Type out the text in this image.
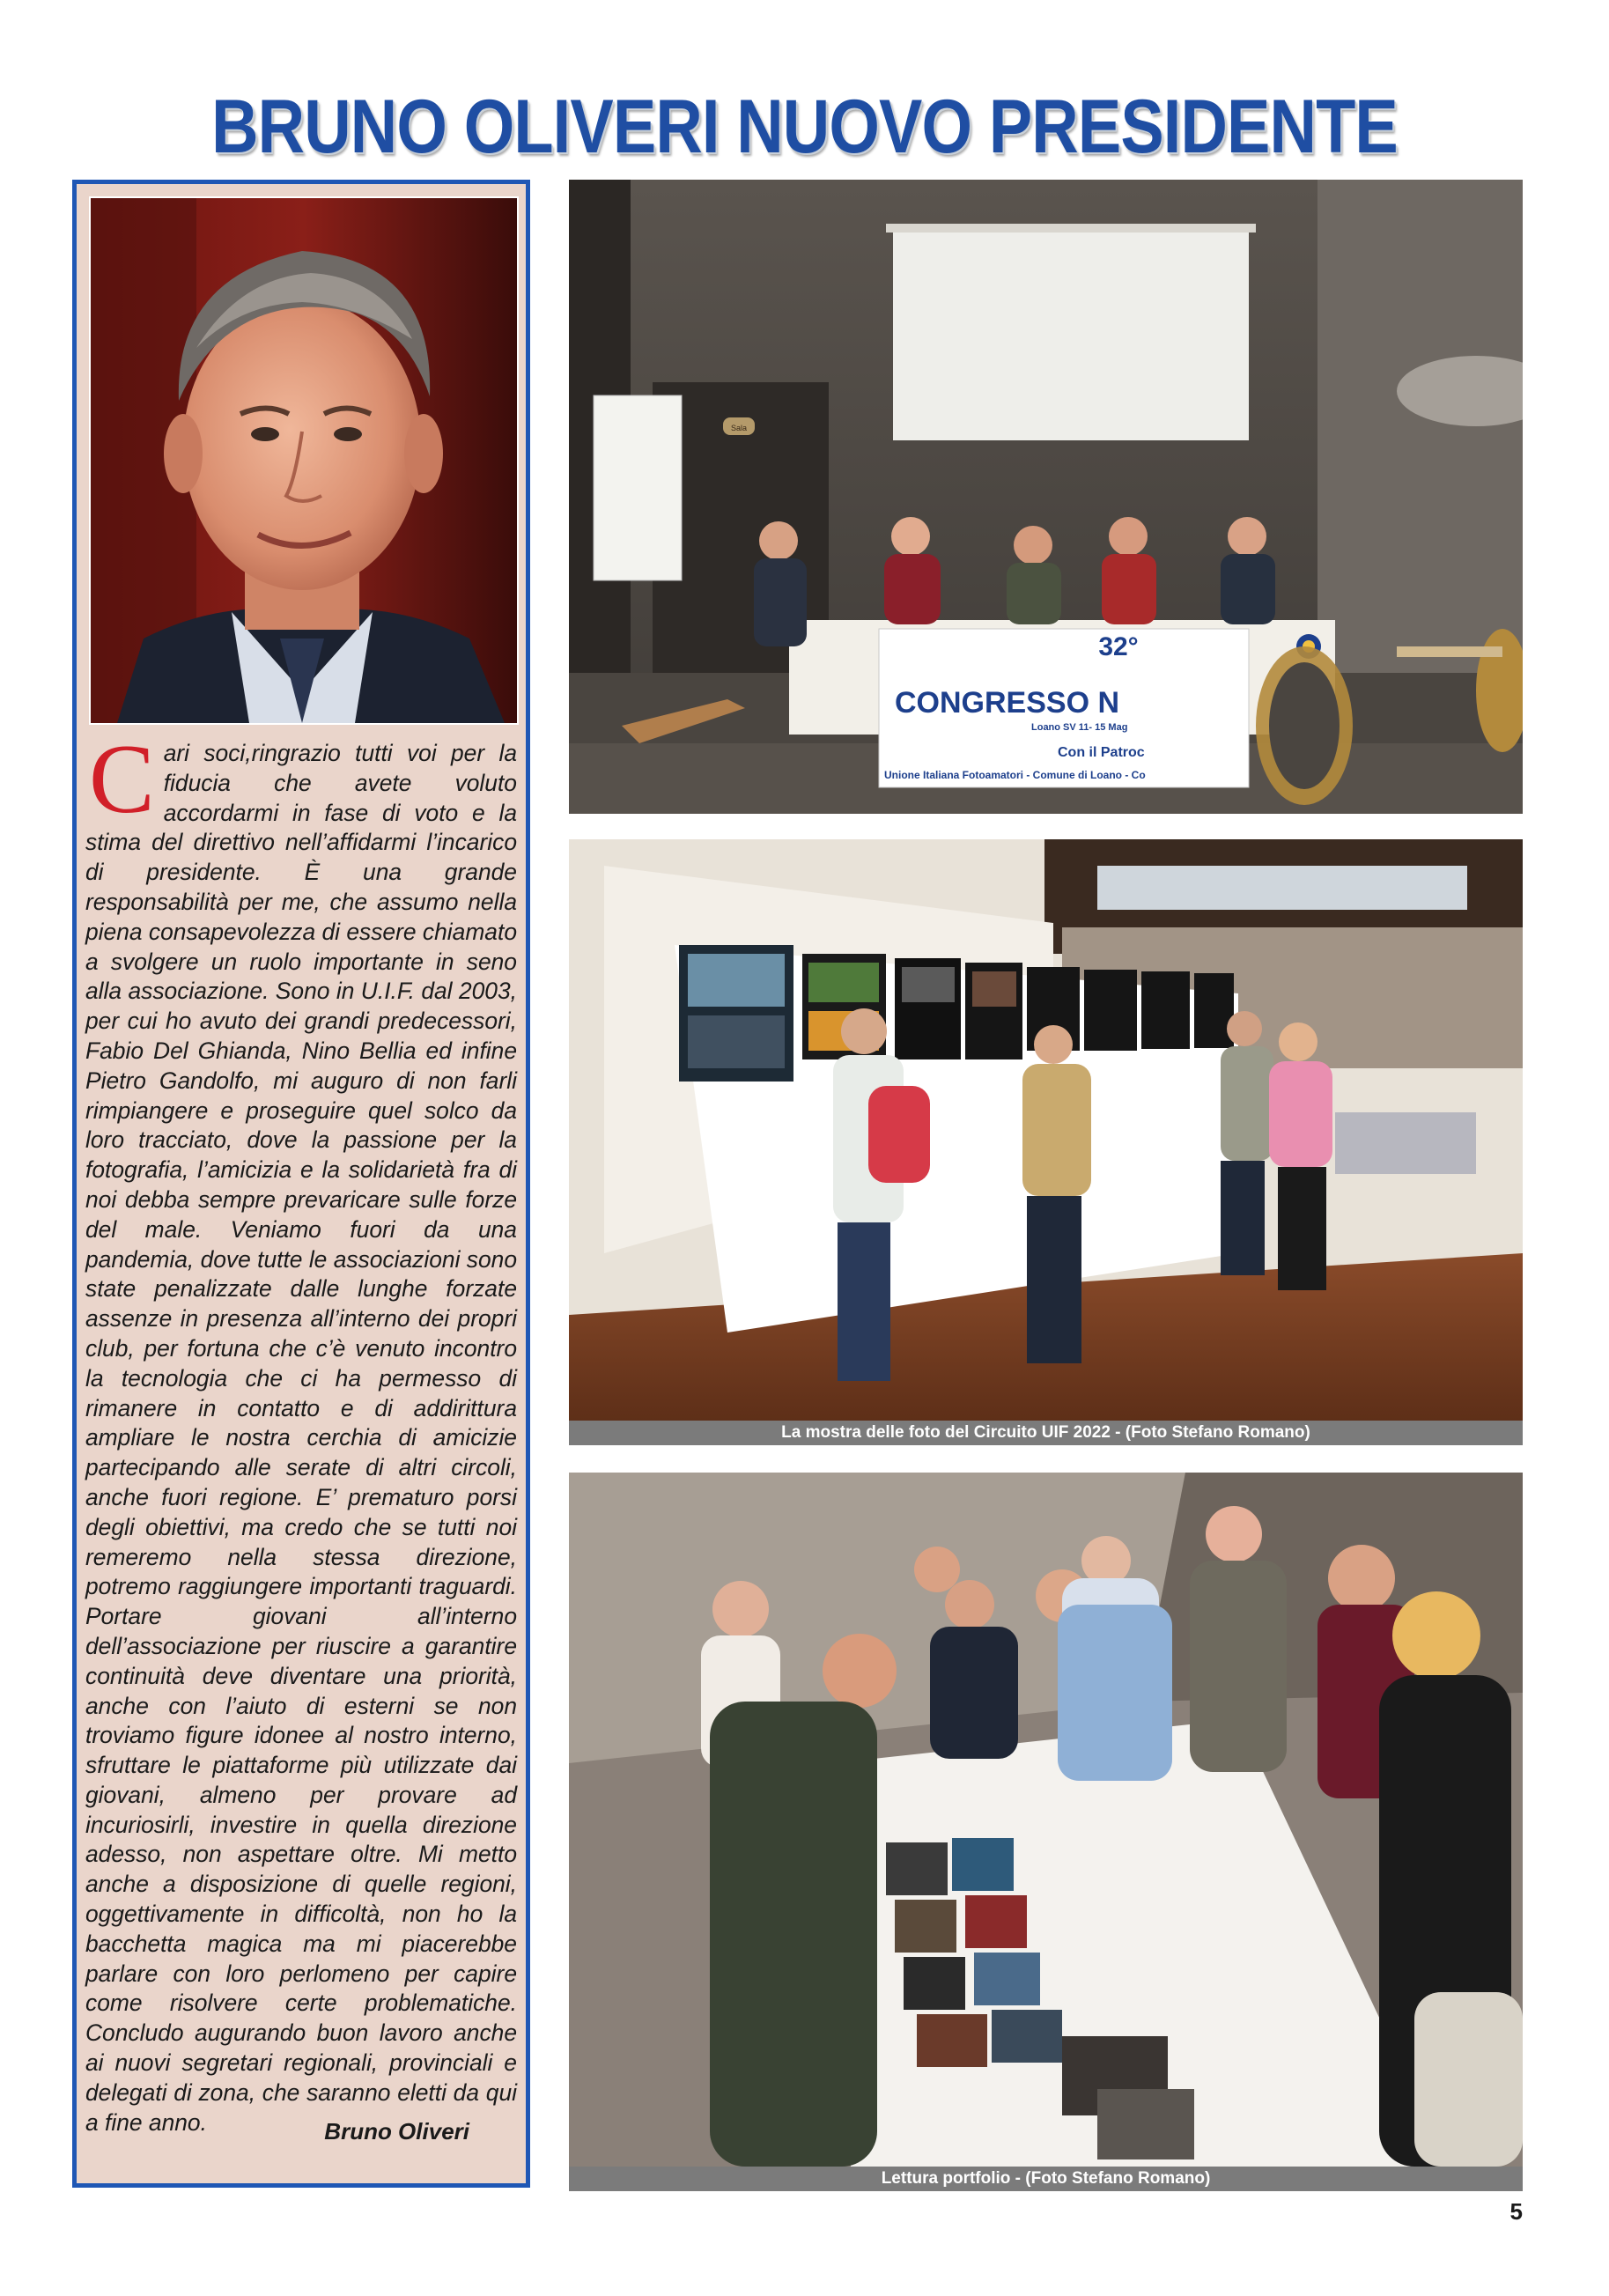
BRUNO OLIVERI NUOVO PRESIDENTE
Cari soci,ringrazio tutti voi per la fiducia che avete voluto accordarmi in fase di voto e la stima del direttivo nell’affidarmi l’incarico di presidente. È una grande responsabilità per me, che assumo nella piena consapevolezza di essere chiamato a svolgere un ruolo importante in seno alla associazione. Sono in U.I.F. dal 2003, per cui ho avuto dei grandi predecessori, Fabio Del Ghianda, Nino Bellia ed infine Pietro Gandolfo, mi auguro di non farli rimpiangere e proseguire quel solco da loro tracciato, dove la passione per la fotografia, l’amicizia e la solidarietà fra di noi debba sempre prevaricare sulle forze del male. Veniamo fuori da una pandemia, dove tutte le associazioni sono state penalizzate dalle lunghe forzate assenze in presenza all’interno dei propri club, per fortuna che c’è venuto incontro la tecnologia che ci ha permesso di rimanere in contatto e di addirittura ampliare le nostra cerchia di amicizie partecipando alle serate di altri circoli, anche fuori regione. E’ prematuro porsi degli obiettivi, ma credo che se tutti noi remeremo nella stessa direzione, potremo raggiungere importanti traguardi. Portare giovani all’interno dell’associazione per riuscire a garantire continuità deve diventare una priorità, anche con l’aiuto di esterni se non troviamo figure idonee al nostro interno, sfruttare le piattaforme più utilizzate dai giovani, almeno per provare ad incuriosirli, investire in quella direzione adesso, non aspettare oltre. Mi metto anche a disposizione di quelle regioni, oggettivamente in difficoltà, non ho la bacchetta magica ma mi piacerebbe parlare con loro perlomeno per capire come risolvere certe problematiche. Concludo augurando buon lavoro anche ai nuovi segretari regionali, provinciali e delegati di zona, che saranno eletti da qui a fine anno.	Bruno Oliveri
Sala
32°
CONGRESSO N
Loano SV 11- 15 Mag
Con il Patroc
Unione Italiana Fotoamatori - Comune di Loano - Co
La mostra delle foto del Circuito UIF 2022 - (Foto Stefano Romano)
Lettura portfolio - (Foto Stefano Romano)
5
